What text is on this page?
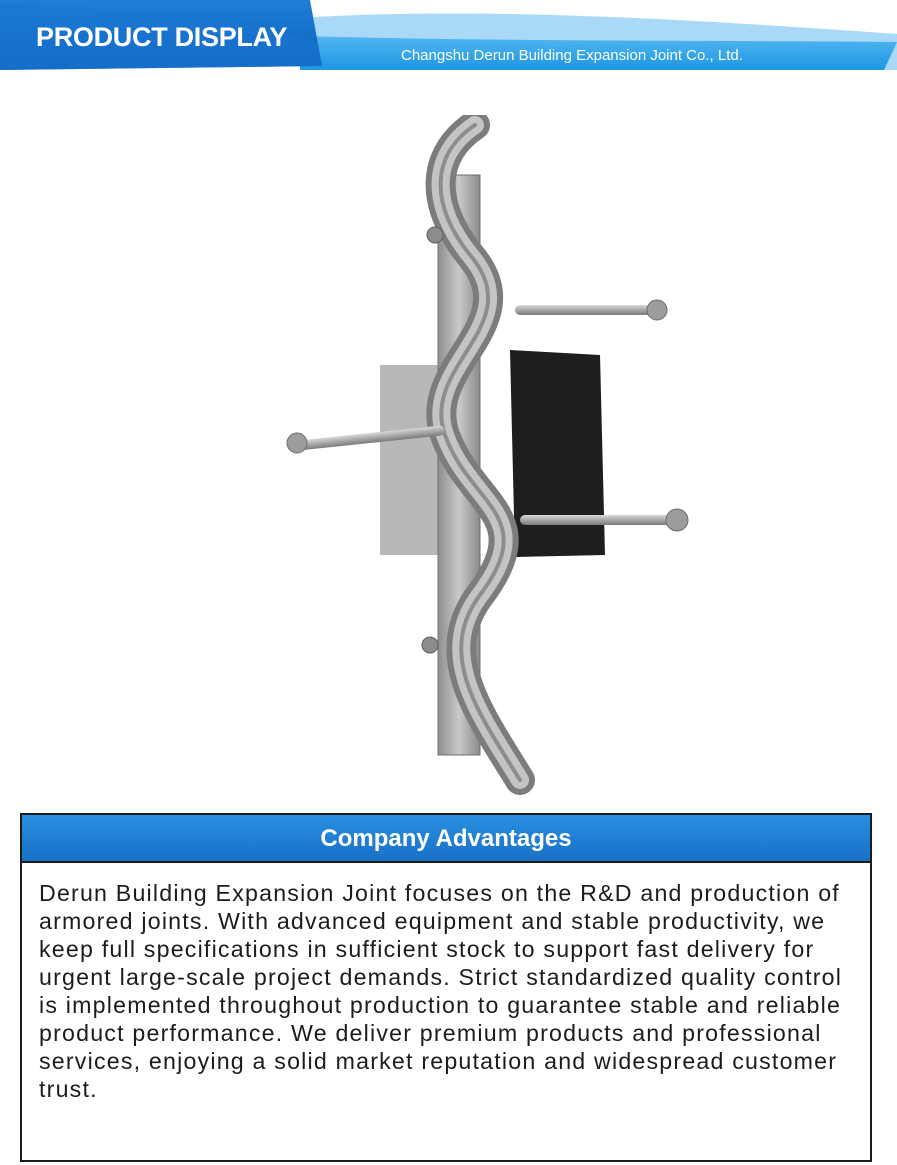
PRODUCT DISPLAY
Changshu Derun Building Expansion Joint Co., Ltd.
Company Advantages

Derun Building Expansion Joint focuses on the R&D and production of armored joints. With advanced equipment and stable productivity, we keep full specifications in sufficient stock to support fast delivery for urgent large-scale project demands. Strict standardized quality control is implemented throughout production to guarantee stable and reliable product performance. We deliver premium products and professional services, enjoying a solid market reputation and widespread customer trust.
